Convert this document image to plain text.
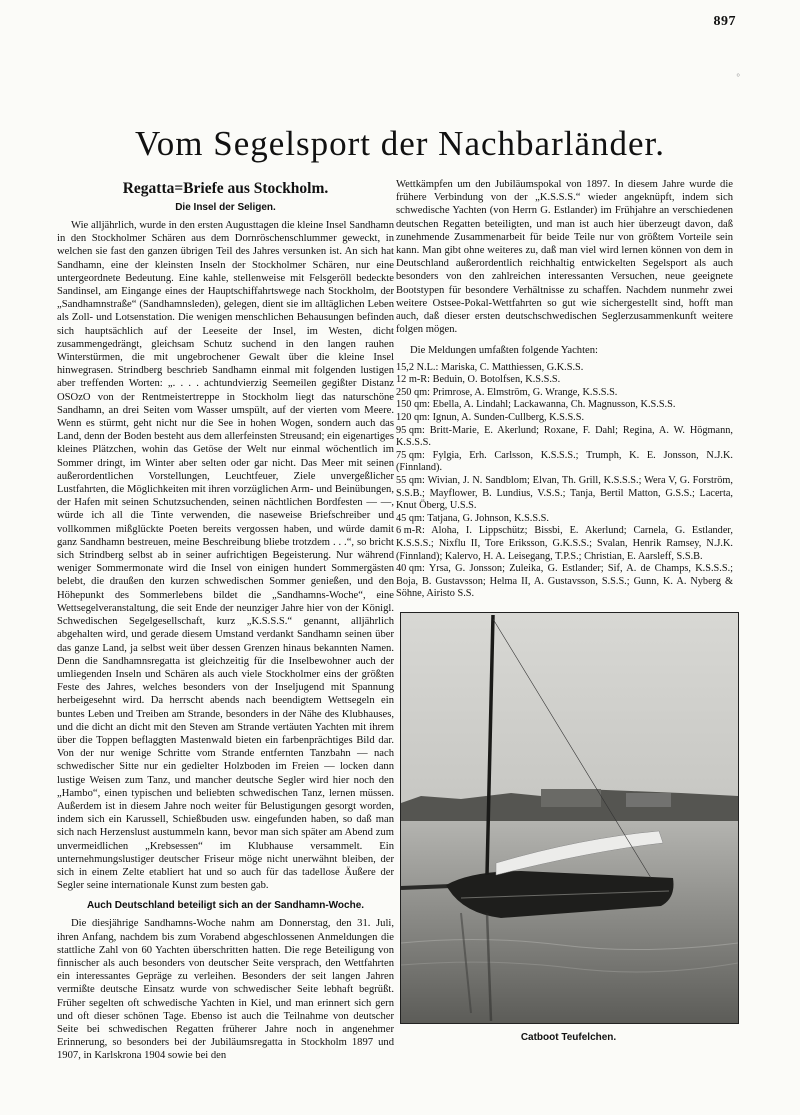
897
°
Vom Segelsport der Nachbarländer.
Regatta=Briefe aus Stockholm.
Die Insel der Seligen.

Wie alljährlich, wurde in den ersten Augusttagen die kleine Insel Sandhamn in den Stockholmer Schären aus dem Dornröschenschlummer geweckt, in welchen sie fast den ganzen übrigen Teil des Jahres versunken ist. An sich hat Sandhamn, eine der kleinsten Inseln der Stockholmer Schären, nur eine untergeordnete Bedeutung. Eine kahle, stellenweise mit Felsgeröll bedeckte Sandinsel, am Eingange eines der Hauptschiffahrtswege nach Stockholm, der „Sandhamnstraße“ (Sandhamnsleden), gelegen, dient sie im alltäglichen Leben als Zoll- und Lotsenstation. Die wenigen menschlichen Behausungen befinden sich hauptsächlich auf der Leeseite der Insel, im Westen, dicht zusammengedrängt, gleichsam Schutz suchend in den langen rauhen Winterstürmen, die mit ungebrochener Gewalt über die kleine Insel hinwegrasen. Strindberg beschrieb Sandhamn einmal mit folgenden lustigen aber treffenden Worten: „. . . . achtundvierzig Seemeilen gegißter Distanz OSOzO von der Rentmeistertreppe in Stockholm liegt das naturschöne Sandhamn, an drei Seiten vom Wasser umspült, auf der vierten vom Meere. Wenn es stürmt, geht nicht nur die See in hohen Wogen, sondern auch das Land, denn der Boden besteht aus dem allerfeinsten Streusand; ein eigenartiges kleines Plätzchen, wohin das Getöse der Welt nur einmal wöchentlich im Sommer dringt, im Winter aber selten oder gar nicht. Das Meer mit seinen außerordentlichen Vorstellungen, Leuchtfeuer, Ziele unvergeßlicher Lustfahrten, die Möglichkeiten mit ihren vorzüglichen Arm- und Beinübungen, der Hafen mit seinen Schutzsuchenden, seinen nächtlichen Bordfesten — —, würde ich all die Tinte verwenden, die naseweise Briefschreiber und vollkommen mißglückte Poeten bereits vergossen haben, und würde damit ganz Sandhamn bestreuen, meine Beschreibung bliebe trotzdem . . .“, so bricht sich Strindberg selbst ab in seiner aufrichtigen Begeisterung. Nur während weniger Sommermonate wird die Insel von einigen hundert Sommergästen belebt, die draußen den kurzen schwedischen Sommer genießen, und den Höhepunkt des Sommerlebens bildet die „Sandhamns-Woche“, eine Wettsegelveranstaltung, die seit Ende der neunziger Jahre hier von der Königl. Schwedischen Segelgesellschaft, kurz „K.S.S.S.“ genannt, alljährlich abgehalten wird, und gerade diesem Umstand verdankt Sandhamn seinen über das ganze Land, ja selbst weit über dessen Grenzen hinaus bekannten Namen. Denn die Sandhamnsregatta ist gleichzeitig für die Inselbewohner auch der umliegenden Inseln und Schären als auch viele Stockholmer eins der größten Feste des Jahres, welches besonders von der Inseljugend mit Spannung herbeigesehnt wird. Da herrscht abends nach beendigtem Wettsegeln ein buntes Leben und Treiben am Strande, besonders in der Nähe des Klubhauses, und die dicht an dicht mit den Steven am Strande vertäuten Yachten mit ihrem über die Toppen beflaggten Mastenwald bieten ein farbenprächtiges Bild dar. Von der nur wenige Schritte vom Strande entfernten Tanzbahn — nach schwedischer Sitte nur ein gedielter Holzboden im Freien — locken dann lustige Weisen zum Tanz, und mancher deutsche Segler wird hier noch den „Hambo“, einen typischen und beliebten schwedischen Tanz, lernen müssen. Außerdem ist in diesem Jahre noch weiter für Belustigungen gesorgt worden, indem sich ein Karussell, Schießbuden usw. eingefunden haben, so daß man sich nach Herzenslust austummeln kann, bevor man sich später am Abend zum unvermeidlichen „Krebsessen“ im Klubhause versammelt. Ein unternehmungslustiger deutscher Friseur möge nicht unerwähnt bleiben, der sich in einem Zelte etabliert hat und so auch für das tadellose Äußere der Segler seine internationale Kunst zum besten gab.

Auch Deutschland beteiligt sich an der Sandhamn-Woche.

Die diesjährige Sandhamns-Woche nahm am Donnerstag, den 31. Juli, ihren Anfang, nachdem bis zum Vorabend abgeschlossenen Anmeldungen die stattliche Zahl von 60 Yachten überschritten hatten. Die rege Beteiligung von finnischer als auch besonders von deutscher Seite versprach, den Wettfahrten ein interessantes Gepräge zu verleihen. Besonders der seit langen Jahren vermißte deutsche Einsatz wurde von schwedischer Seite lebhaft begrüßt. Früher segelten oft schwedische Yachten in Kiel, und man erinnert sich gern und oft dieser schönen Tage. Ebenso ist auch die Teilnahme von deutscher Seite bei schwedischen Regatten früherer Jahre noch in angenehmer Erinnerung, so besonders bei der Jubiläumsregatta in Stockholm 1897 und 1907, in Karlskrona 1904 sowie bei den

Wettkämpfen um den Jubiläumspokal von 1897. In diesem Jahre wurde die frühere Verbindung von der „K.S.S.S.“ wieder angeknüpft, indem sich schwedische Yachten (von Herrn G. Estlander) im Frühjahre an verschiedenen deutschen Regatten beteiligten, und man ist auch hier überzeugt davon, daß zunehmende Zusammenarbeit für beide Teile nur von größtem Vorteile sein kann. Man gibt ohne weiteres zu, daß man viel wird lernen können von dem in Deutschland außerordentlich reichhaltig entwickelten Segelsport als auch besonders von den zahlreichen interessanten Versuchen, neue geeignete Bootstypen für besondere Verhältnisse zu schaffen. Nachdem nunmehr zwei weitere Ostsee-Pokal-Wettfahrten so gut wie sichergestellt sind, hofft man auch, daß dieser ersten deutschschwedischen Seglerzusammenkunft weitere folgen mögen.

Die Meldungen umfaßten folgende Yachten:

15,2 N.L.: Mariska, C. Matthiessen, G.K.S.S.
12 m-R: Beduin, O. Botolfsen, K.S.S.S.
250 qm: Primrose, A. Elmström, G. Wrange, K.S.S.S.
150 qm: Ebella, A. Lindahl; Lackawanna, Ch. Magnusson, K.S.S.S.
120 qm: Ignun, A. Sunden-Cullberg, K.S.S.S.
95 qm: Britt-Marie, E. Akerlund; Roxane, F. Dahl; Regina, A. W. Högmann, K.S.S.S.
75 qm: Fylgia, Erh. Carlsson, K.S.S.S.; Trumph, K. E. Jonsson, N.J.K. (Finnland).
55 qm: Wivian, J. N. Sandblom; Elvan, Th. Grill, K.S.S.S.; Wera V, G. Forström, S.S.B.; Mayflower, B. Lundius, V.S.S.; Tanja, Bertil Matton, G.S.S.; Lacerta, Knut Öberg, U.S.S.
45 qm: Tatjana, G. Johnson, K.S.S.S.
6 m-R: Aloha, I. Lippschütz; Bissbi, E. Akerlund; Carnela, G. Estlander, K.S.S.S.; Nixflu II, Tore Eriksson, G.K.S.S.; Svalan, Henrik Ramsey, N.J.K. (Finnland); Kalervo, H. A. Leisegang, T.P.S.; Christian, E. Aarsleff, S.S.B.
40 qm: Yrsa, G. Jonsson; Zuleika, G. Estlander; Sif, A. de Champs, K.S.S.S.; Boja, B. Gustavsson; Helma II, A. Gustavsson, S.S.S.; Gunn, K. A. Nyberg & Söhne, Airisto S.S.

Catboot Teufelchen.
